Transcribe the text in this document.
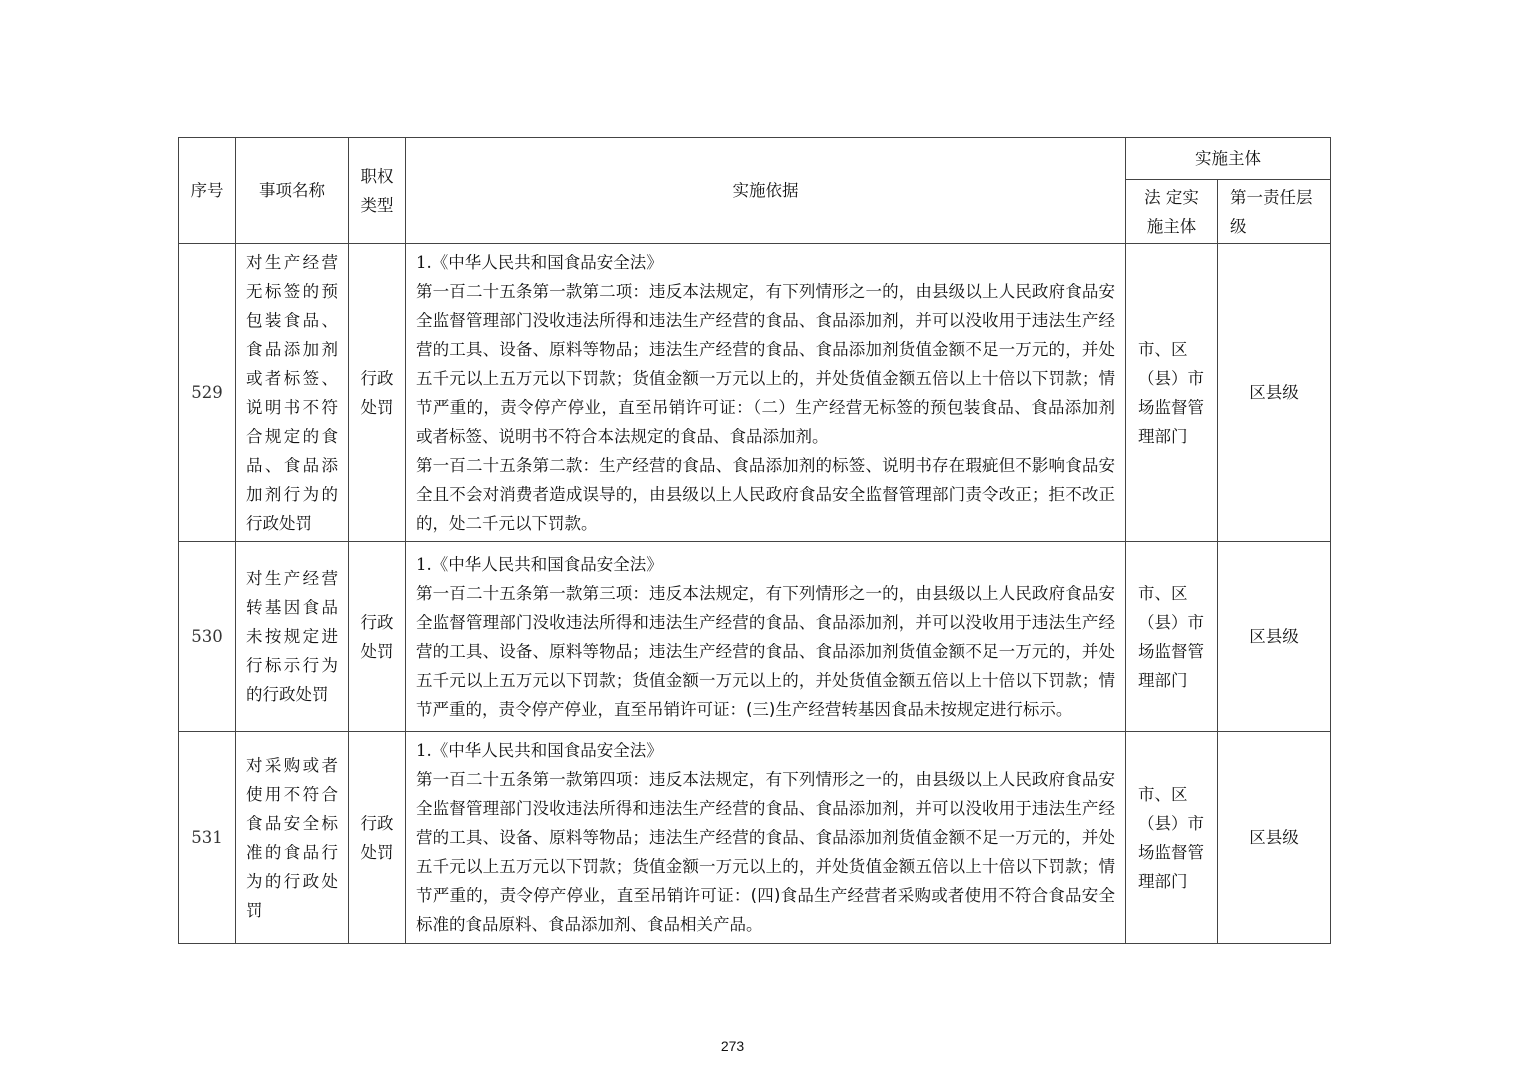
序号	事项名称	职权类型	实施依据	实施主体	
				法 定实施主体	第一责任层级
529	对生产经营无标签的预包装食品、食品添加剂或者标签、说明书不符合规定的食品、食品添加剂行为的行政处罚	行政处罚	1.《中华人民共和国食品安全法》
第一百二十五条第一款第二项：违反本法规定，有下列情形之一的，由县级以上人民政府食品安全监督管理部门没收违法所得和违法生产经营的食品、食品添加剂，并可以没收用于违法生产经营的工具、设备、原料等物品；违法生产经营的食品、食品添加剂货值金额不足一万元的，并处五千元以上五万元以下罚款；货值金额一万元以上的，并处货值金额五倍以上十倍以下罚款；情节严重的，责令停产停业，直至吊销许可证：（二）生产经营无标签的预包装食品、食品添加剂或者标签、说明书不符合本法规定的食品、食品添加剂。
第一百二十五条第二款：生产经营的食品、食品添加剂的标签、说明书存在瑕疵但不影响食品安全且不会对消费者造成误导的，由县级以上人民政府食品安全监督管理部门责令改正；拒不改正的，处二千元以下罚款。	市、区（县）市场监督管理部门	区县级
530	对生产经营转基因食品未按规定进行标示行为的行政处罚	行政处罚	1.《中华人民共和国食品安全法》
第一百二十五条第一款第三项：违反本法规定，有下列情形之一的，由县级以上人民政府食品安全监督管理部门没收违法所得和违法生产经营的食品、食品添加剂，并可以没收用于违法生产经营的工具、设备、原料等物品；违法生产经营的食品、食品添加剂货值金额不足一万元的，并处五千元以上五万元以下罚款；货值金额一万元以上的，并处货值金额五倍以上十倍以下罚款；情节严重的，责令停产停业，直至吊销许可证：(三)生产经营转基因食品未按规定进行标示。	市、区（县）市场监督管理部门	区县级
531	对采购或者使用不符合食品安全标准的食品行为的行政处罚	行政处罚	1.《中华人民共和国食品安全法》
第一百二十五条第一款第四项：违反本法规定，有下列情形之一的，由县级以上人民政府食品安全监督管理部门没收违法所得和违法生产经营的食品、食品添加剂，并可以没收用于违法生产经营的工具、设备、原料等物品；违法生产经营的食品、食品添加剂货值金额不足一万元的，并处五千元以上五万元以下罚款；货值金额一万元以上的，并处货值金额五倍以上十倍以下罚款；情节严重的，责令停产停业，直至吊销许可证：(四)食品生产经营者采购或者使用不符合食品安全标准的食品原料、食品添加剂、食品相关产品。	市、区（县）市场监督管理部门	区县级
273
